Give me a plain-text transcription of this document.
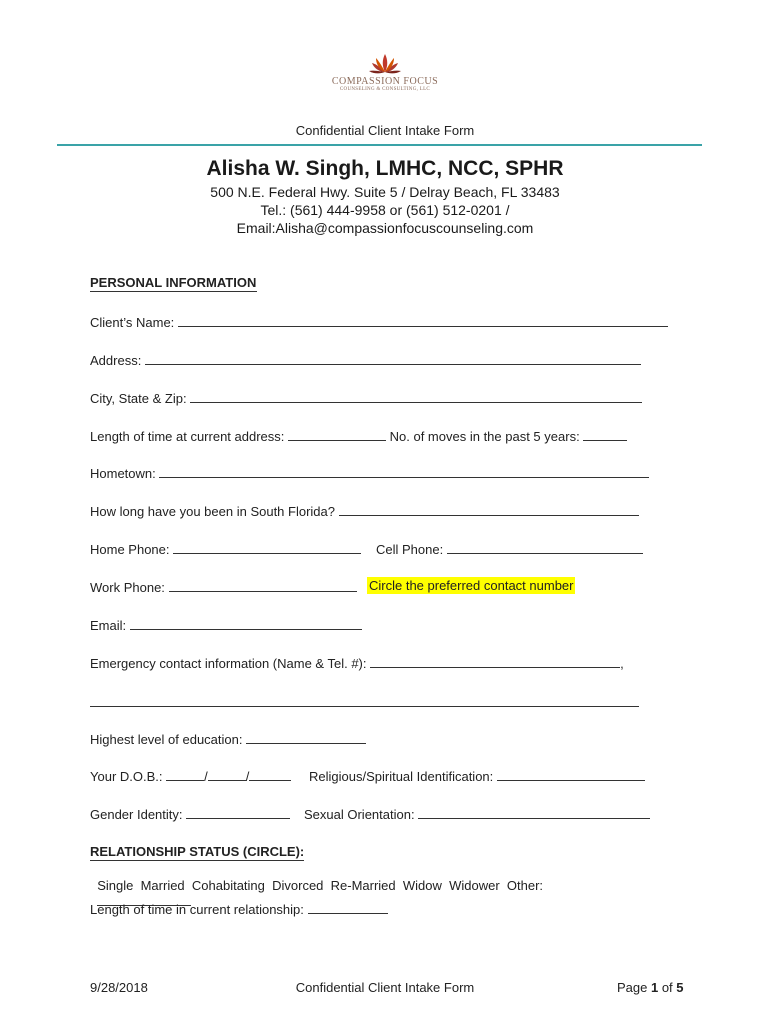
COMPASSION FOCUS
COUNSELING & CONSULTING, LLC
Confidential Client Intake Form
Alisha W. Singh, LMHC, NCC, SPHR
500 N.E. Federal Hwy. Suite 5 / Delray Beach, FL 33483
Tel.: (561) 444-9958 or (561) 512-0201 /
Email:Alisha@compassionfocuscounseling.com
PERSONAL INFORMATION
Client’s Name:
Address:
City, State & Zip:
Length of time at current address:	No. of moves in the past 5 years:
Hometown:
How long have you been in South Florida?
Home Phone:	Cell Phone:
Work Phone:	Circle the preferred contact number
Email:
Emergency contact information (Name & Tel. #):	,
Highest level of education:
Your D.O.B.:	/	/	Religious/Spiritual Identification:
Gender Identity:	Sexual Orientation:
RELATIONSHIP STATUS (CIRCLE):

Single  Married  Cohabitating  Divorced  Re-Married  Widow  Widower  Other:

Length of time in current relationship:
9/28/2018	Confidential Client Intake Form	Page 1 of 5
